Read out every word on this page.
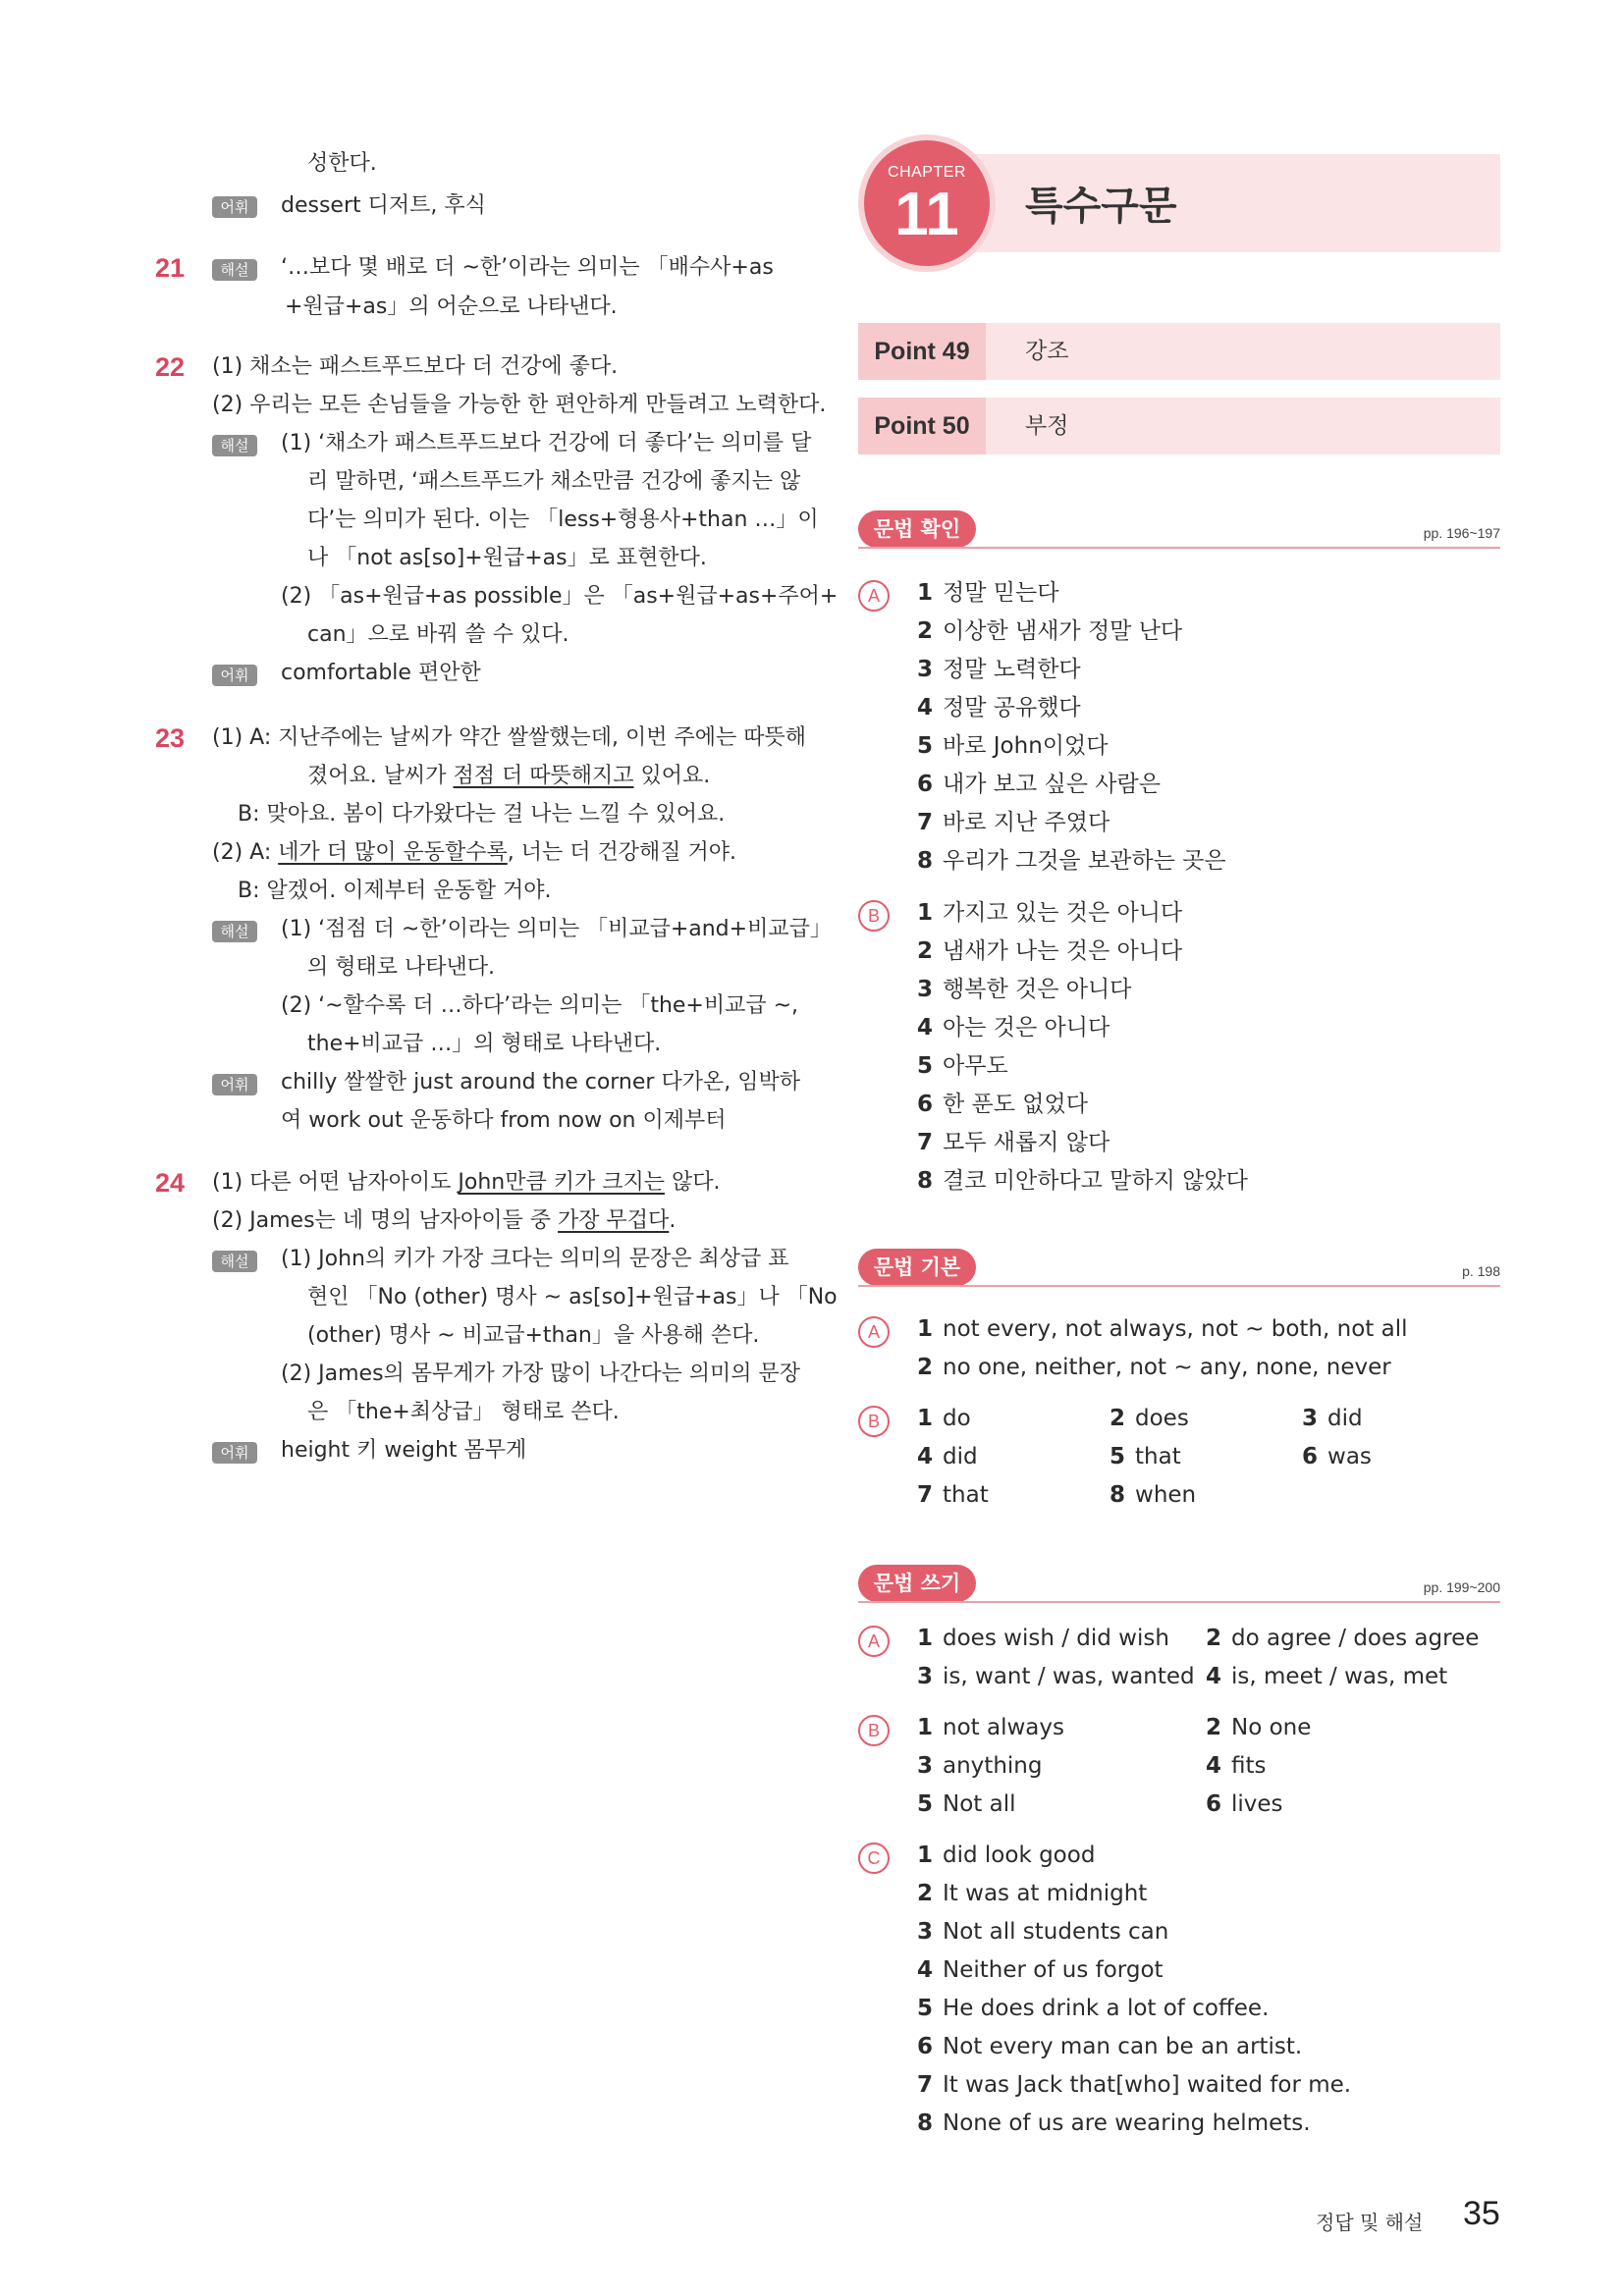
성한다.
어휘	dessert 디저트, 후식
21	해설	‘…보다 몇 배로 더 ~한’이라는 의미는 「배수사+as
+원급+as」의 어순으로 나타낸다.
22 (1) 채소는 패스트푸드보다 더 건강에 좋다.
(2) 우리는 모든 손님들을 가능한 한 편안하게 만들려고 노력한다.
해설	(1) ‘채소가 패스트푸드보다 건강에 더 좋다’는 의미를 달
리 말하면, ‘패스트푸드가 채소만큼 건강에 좋지는 않
다’는 의미가 된다. 이는 「less+형용사+than …」이
나 「not as[so]+원급+as」로 표현한다.
(2) 「as+원급+as possible」은 「as+원급+as+주어+
can」으로 바꿔 쓸 수 있다.
어휘	comfortable 편안한
23 (1) A: 지난주에는 날씨가 약간 쌀쌀했는데, 이번 주에는 따뜻해
졌어요. 날씨가 점점 더 따뜻해지고 있어요.
B: 맞아요. 봄이 다가왔다는 걸 나는 느낄 수 있어요.
(2) A: 네가 더 많이 운동할수록, 너는 더 건강해질 거야.
B: 알겠어. 이제부터 운동할 거야.
해설	(1) ‘점점 더 ~한’이라는 의미는 「비교급+and+비교급」
의 형태로 나타낸다.
(2) ‘~할수록 더 …하다’라는 의미는 「the+비교급 ~,
the+비교급 …」의 형태로 나타낸다.
어휘	chilly 쌀쌀한 just around the corner 다가온, 임박하
여 work out 운동하다 from now on 이제부터
24 (1) 다른 어떤 남자아이도 John만큼 키가 크지는 않다.
(2) James는 네 명의 남자아이들 중 가장 무겁다.
해설	(1) John의 키가 가장 크다는 의미의 문장은 최상급 표
현인 「No (other) 명사 ~ as[so]+원급+as」나 「No
(other) 명사 ~ 비교급+than」을 사용해 쓴다.
(2) James의 몸무게가 가장 많이 나간다는 의미의 문장
은 「the+최상급」 형태로 쓴다.
어휘	height 키 weight 몸무게
CHAPTER
11	특수구문
Point 49	강조
Point 50	부정
문법 확인	pp. 196~197
A	1 정말 믿는다
2 이상한 냄새가 정말 난다
3 정말 노력한다
4 정말 공유했다
5 바로 John이었다
6 내가 보고 싶은 사람은
7 바로 지난 주였다
8 우리가 그것을 보관하는 곳은
B	1 가지고 있는 것은 아니다
2 냄새가 나는 것은 아니다
3 행복한 것은 아니다
4 아는 것은 아니다
5 아무도
6 한 푼도 없었다
7 모두 새롭지 않다
8 결코 미안하다고 말하지 않았다
문법 기본	p. 198
A	1 not every, not always, not ~ both, not all
2 no one, neither, not ~ any, none, never
B	1 do	2 does	3 did
4 did	5 that	6 was
7 that	8 when
문법 쓰기	pp. 199~200
A	1 does wish / did wish 2 do agree / does agree
3 is, want / was, wanted 4 is, meet / was, met
B	1 not always	2 No one
3 anything	4 fits
5 Not all	6 lives
C	1 did look good
2 It was at midnight
3 Not all students can
4 Neither of us forgot
5 He does drink a lot of coffee.
6 Not every man can be an artist.
7 It was Jack that[who] waited for me.
8 None of us are wearing helmets.
정답 및 해설 35
